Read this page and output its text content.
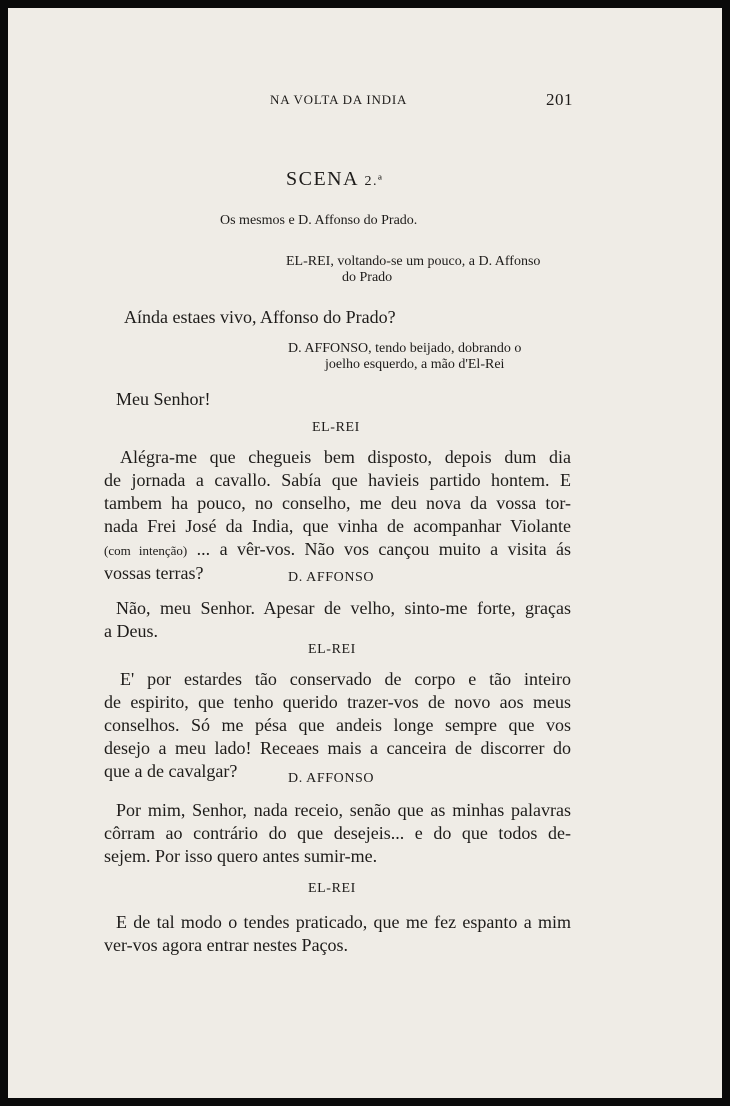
NA VOLTA DA INDIA	201
SCENA 2.ª
Os mesmos e D. Affonso do Prado.
EL-REI, voltando-se um pouco, a D. Affonso
do Prado
Aínda estaes vivo, Affonso do Prado?
D. AFFONSO, tendo beijado, dobrando o
joelho esquerdo, a mão d'El-Rei
Meu Senhor!
EL-REI
Alégra-me que chegueis bem disposto, depois dum dia
de jornada a cavallo. Sabía que havieis partido hontem. E
tambem ha pouco, no conselho, me deu nova da vossa tor-
nada Frei José da India, que vinha de acompanhar Violante
(com intenção) ... a vêr-vos. Não vos cançou muito a visita ás
vossas terras?	D. AFFONSO
Não, meu Senhor. Apesar de velho, sinto-me forte, graças
a Deus.
EL-REI
E' por estardes tão conservado de corpo e tão inteiro
de espirito, que tenho querido trazer-vos de novo aos meus
conselhos. Só me pésa que andeis longe sempre que vos
desejo a meu lado! Receaes mais a canceira de discorrer do
que a de cavalgar?	D. AFFONSO
Por mim, Senhor, nada receio, senão que as minhas palavras
côrram ao contrário do que desejeis... e do que todos de-
sejem. Por isso quero antes sumir-me.
EL-REI
E de tal modo o tendes praticado, que me fez espanto a mim
ver-vos agora entrar nestes Paços.
